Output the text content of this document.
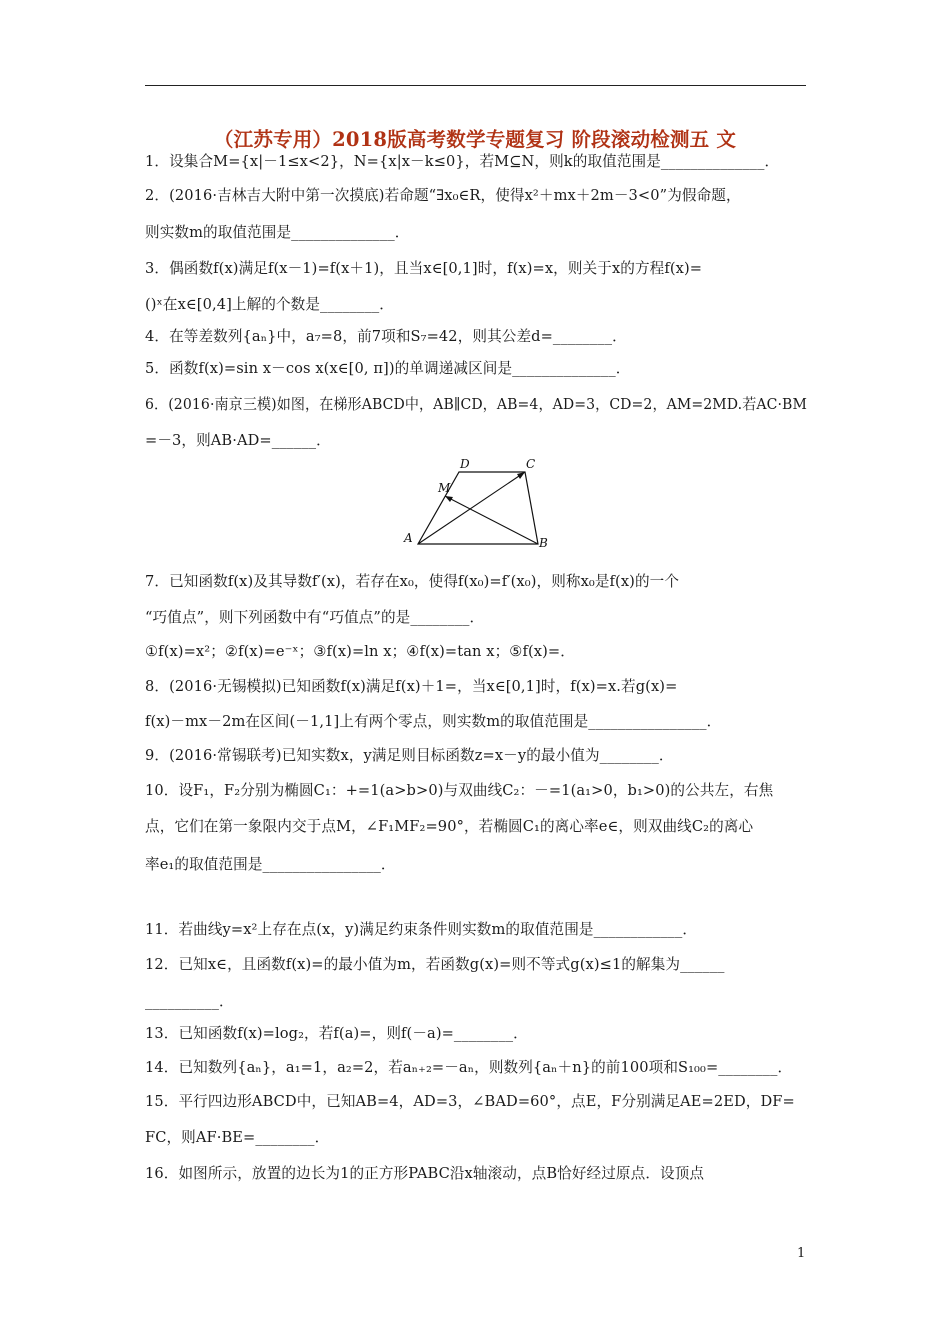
（江苏专用）2018版高考数学专题复习 阶段滚动检测五 文
1．设集合M={x|－1≤x<2}，N={x|x－k≤0}，若M⊆N，则k的取值范围是______________．
2．(2016·吉林吉大附中第一次摸底)若命题“∃x₀∈R，使得x²＋mx＋2m－3<0”为假命题，
则实数m的取值范围是______________．
3．偶函数f(x)满足f(x－1)=f(x＋1)，且当x∈[0,1]时，f(x)=x，则关于x的方程f(x)=
()ˣ在x∈[0,4]上解的个数是________．
4．在等差数列{aₙ}中，a₇=8，前7项和S₇=42，则其公差d=________．
5．函数f(x)=sin x－cos x(x∈[0, π])的单调递减区间是______________．
6．(2016·南京三模)如图，在梯形ABCD中，AB∥CD，AB=4，AD=3，CD=2，AM=2MD.若AC·BM
=－3，则AB·AD=______．
A	B
C
D
M
7．已知函数f(x)及其导数f′(x)，若存在x₀，使得f(x₀)=f′(x₀)，则称x₀是f(x)的一个
“巧值点”，则下列函数中有“巧值点”的是________．
①f(x)=x²；②f(x)=e⁻ˣ；③f(x)=ln x；④f(x)=tan x；⑤f(x)=．
8．(2016·无锡模拟)已知函数f(x)满足f(x)＋1=，当x∈[0,1]时，f(x)=x.若g(x)=
f(x)－mx－2m在区间(－1,1]上有两个零点，则实数m的取值范围是________________．
9．(2016·常锡联考)已知实数x，y满足则目标函数z=x－y的最小值为________．
10．设F₁，F₂分别为椭圆C₁：+=1(a>b>0)与双曲线C₂：－=1(a₁>0，b₁>0)的公共左，右焦
点，它们在第一象限内交于点M，∠F₁MF₂=90°，若椭圆C₁的离心率e∈，则双曲线C₂的离心
率e₁的取值范围是________________．
11．若曲线y=x²上存在点(x，y)满足约束条件则实数m的取值范围是____________．
12．已知x∈，且函数f(x)=的最小值为m，若函数g(x)=则不等式g(x)≤1的解集为______
__________．
13．已知函数f(x)=log₂，若f(a)=，则f(－a)=________．
14．已知数列{aₙ}，a₁=1，a₂=2，若aₙ₊₂=－aₙ，则数列{aₙ＋n}的前100项和S₁₀₀=________．
15．平行四边形ABCD中，已知AB=4，AD=3，∠BAD=60°，点E，F分别满足AE=2ED，DF=
FC，则AF·BE=________．
16．如图所示，放置的边长为1的正方形PABC沿x轴滚动，点B恰好经过原点．设顶点
1
